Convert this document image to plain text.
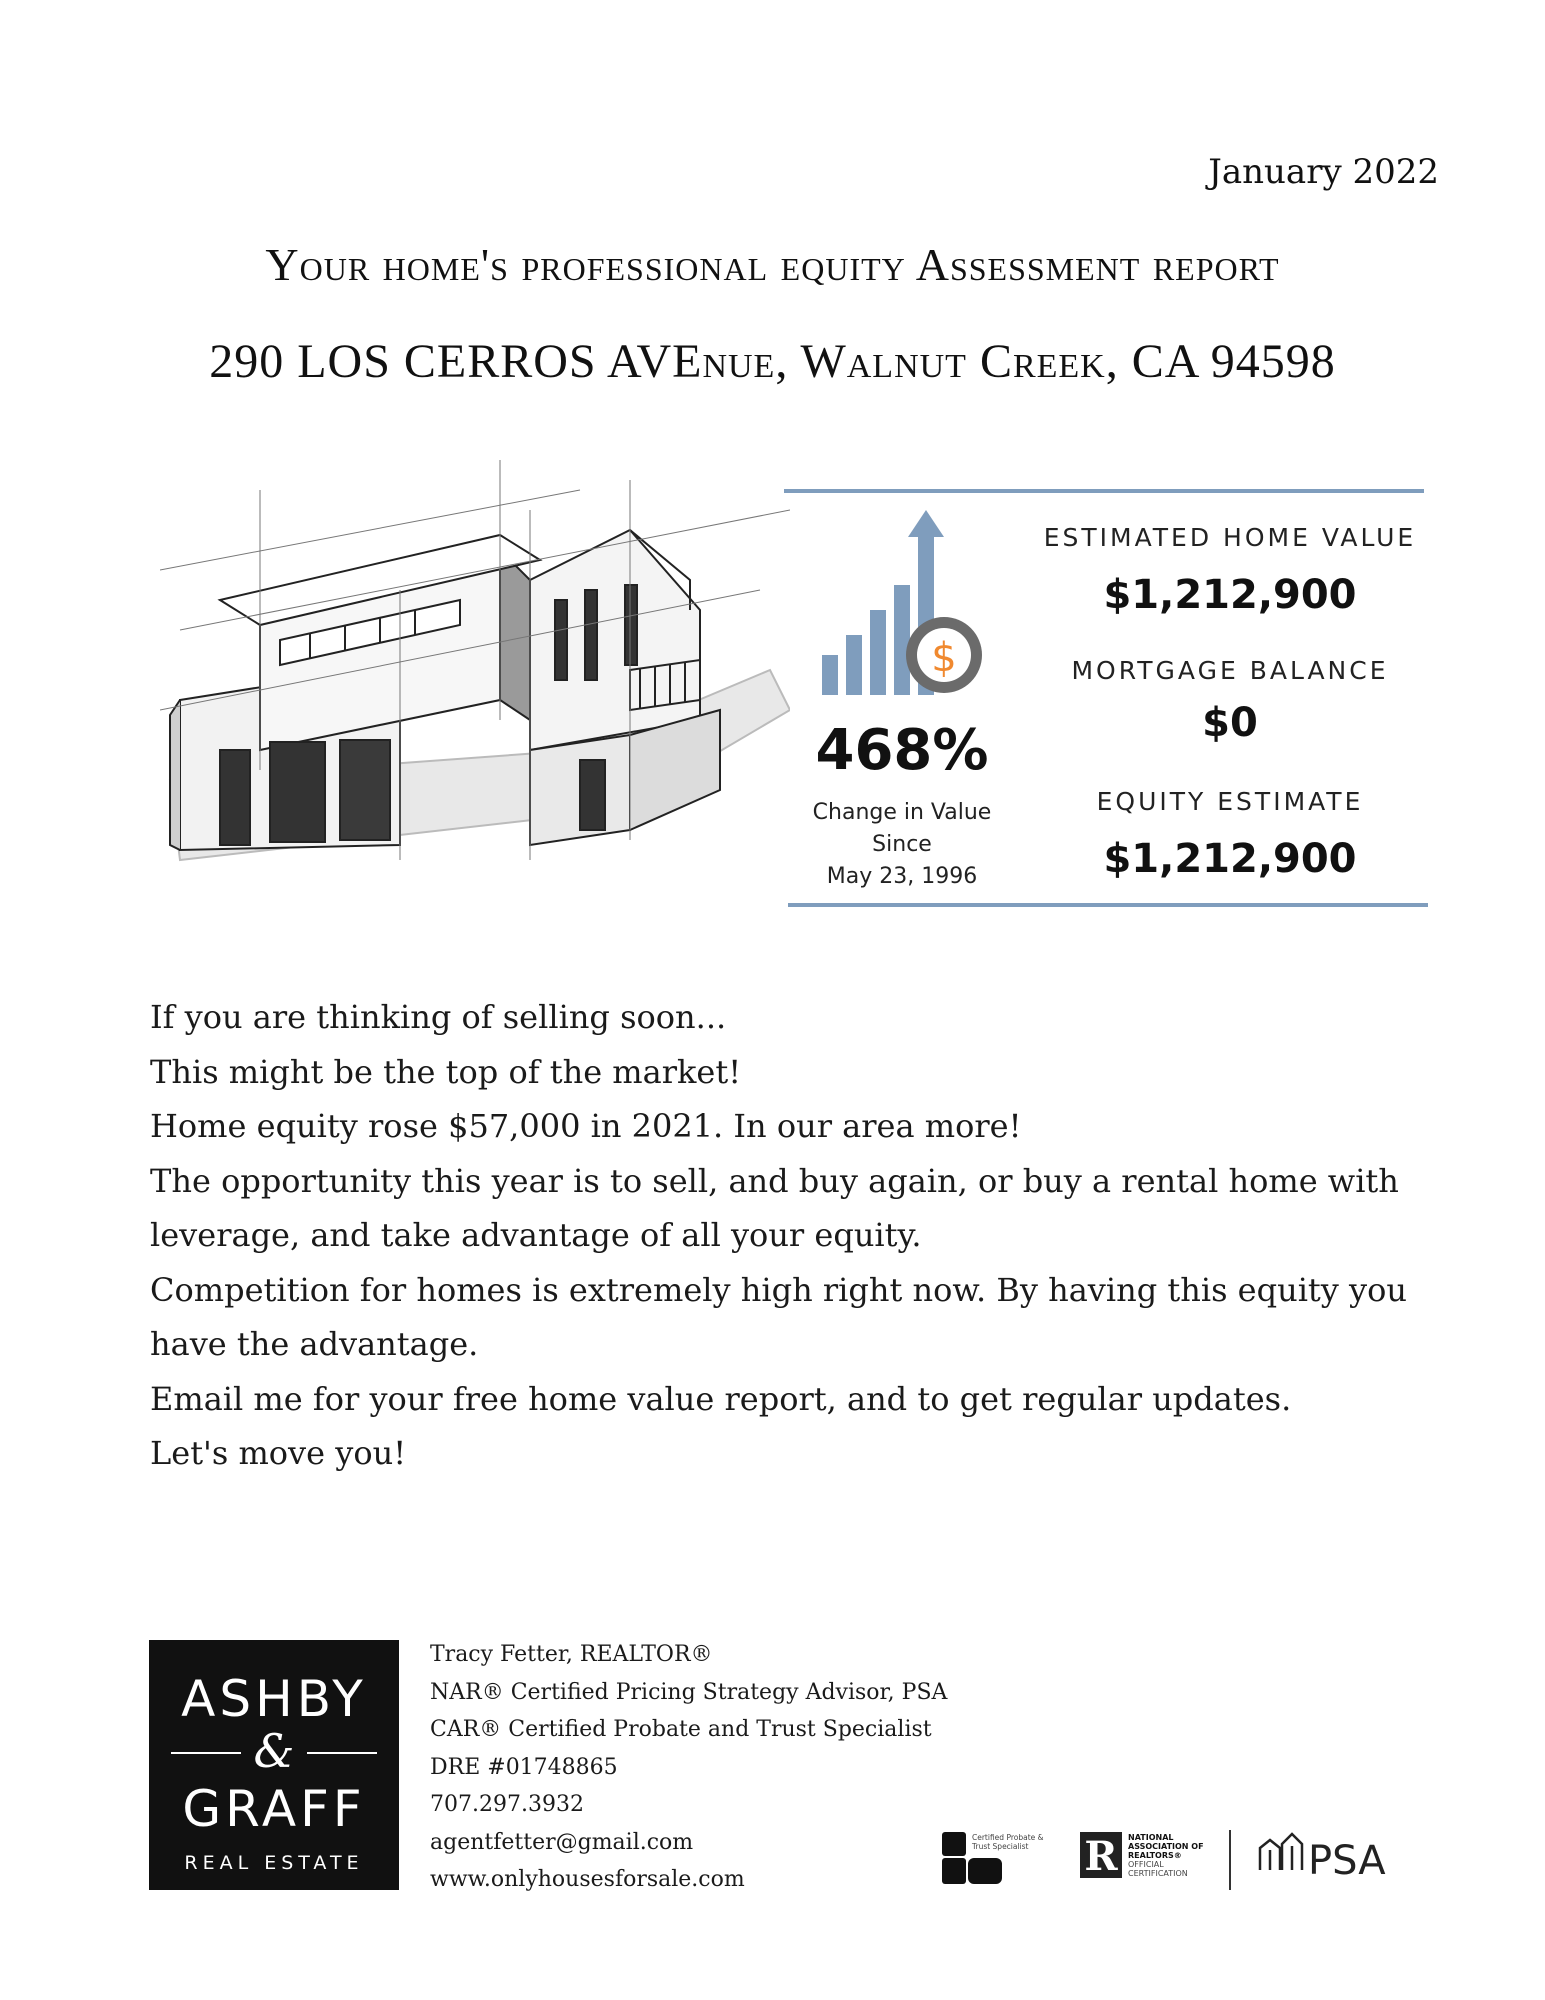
January 2022
Your home's professional equity Assessment report
290 LOS CERROS AVEnue, Walnut Creek, CA 94598
$
468%
Change in Value
Since
May 23, 1996
ESTIMATED HOME VALUE
$1,212,900
MORTGAGE BALANCE
$0
EQUITY ESTIMATE
$1,212,900

If you are thinking of selling soon...

This might be the top of the market!

Home equity rose $57,000 in 2021. In our area more!

The opportunity this year is to sell, and buy again, or buy a rental home with

leverage, and take advantage of all your equity.

Competition for homes is extremely high right now. By having this equity you

have the advantage.

Email me for your free home value report, and to get regular updates.

Let's move you!

ASHBY
&
GRAFF
REAL ESTATE
Tracy Fetter, REALTOR®
NAR® Certified Pricing Strategy Advisor, PSA
CAR® Certified Probate and Trust Specialist
DRE #01748865
707.297.3932
agentfetter@gmail.com
www.onlyhousesforsale.com
Certified Probate &
Trust Specialist R NATIONAL
ASSOCIATION OF
REALTORS®
OFFICIAL
CERTIFICATION	PSA
